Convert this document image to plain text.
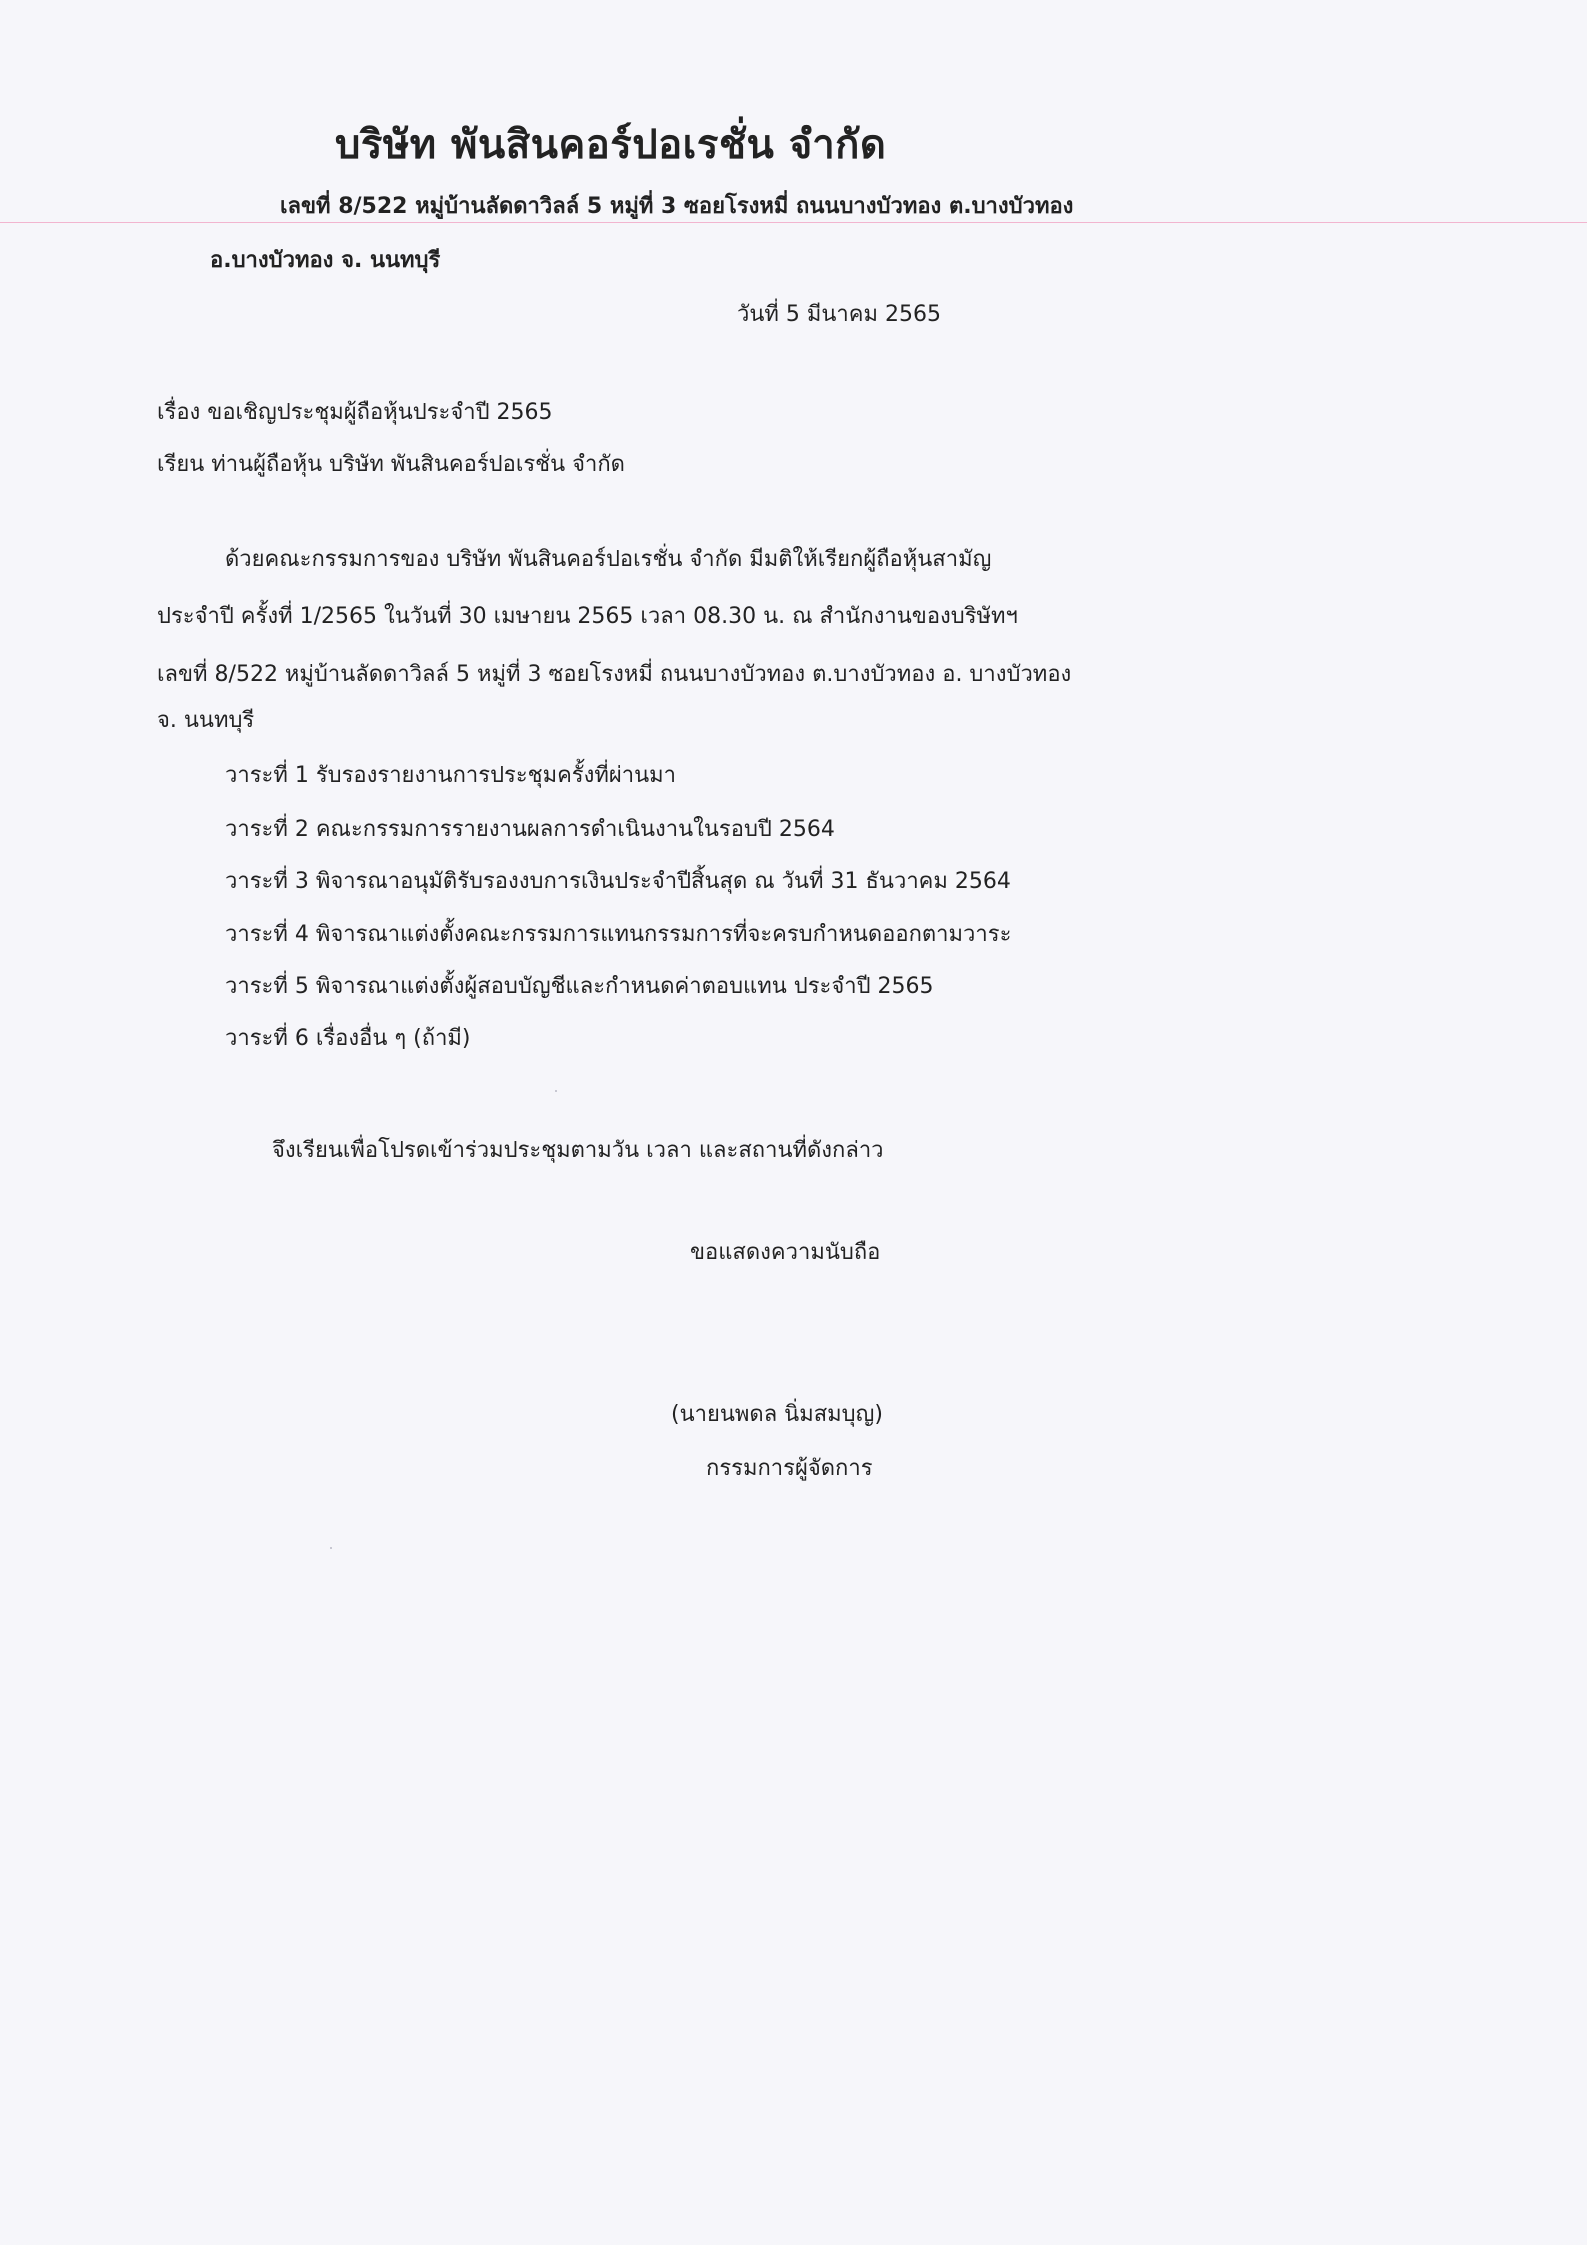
บริษัท พันสินคอร์ปอเรชั่น จำกัด

เลขที่ 8/522 หมู่บ้านลัดดาวิลล์ 5 หมู่ที่ 3 ซอยโรงหมี่ ถนนบางบัวทอง ต.บางบัวทอง

อ.บางบัวทอง จ. นนทบุรี

วันที่ 5 มีนาคม 2565

เรื่อง ขอเชิญประชุมผู้ถือหุ้นประจำปี 2565

เรียน ท่านผู้ถือหุ้น บริษัท พันสินคอร์ปอเรชั่น จำกัด

ด้วยคณะกรรมการของ บริษัท พันสินคอร์ปอเรชั่น จำกัด มีมติให้เรียกผู้ถือหุ้นสามัญ

ประจำปี ครั้งที่ 1/2565 ในวันที่ 30 เมษายน 2565 เวลา 08.30 น. ณ สำนักงานของบริษัทฯ

เลขที่ 8/522 หมู่บ้านลัดดาวิลล์ 5 หมู่ที่ 3 ซอยโรงหมี่ ถนนบางบัวทอง ต.บางบัวทอง อ. บางบัวทอง

จ. นนทบุรี

วาระที่ 1 รับรองรายงานการประชุมครั้งที่ผ่านมา

วาระที่ 2 คณะกรรมการรายงานผลการดำเนินงานในรอบปี 2564

วาระที่ 3 พิจารณาอนุมัติรับรองงบการเงินประจำปีสิ้นสุด ณ วันที่ 31 ธันวาคม 2564

วาระที่ 4 พิจารณาแต่งตั้งคณะกรรมการแทนกรรมการที่จะครบกำหนดออกตามวาระ

วาระที่ 5 พิจารณาแต่งตั้งผู้สอบบัญชีและกำหนดค่าตอบแทน ประจำปี 2565

วาระที่ 6 เรื่องอื่น ๆ (ถ้ามี)

จึงเรียนเพื่อโปรดเข้าร่วมประชุมตามวัน เวลา และสถานที่ดังกล่าว

ขอแสดงความนับถือ

(นายนพดล นิ่มสมบุญ)

กรรมการผู้จัดการ
